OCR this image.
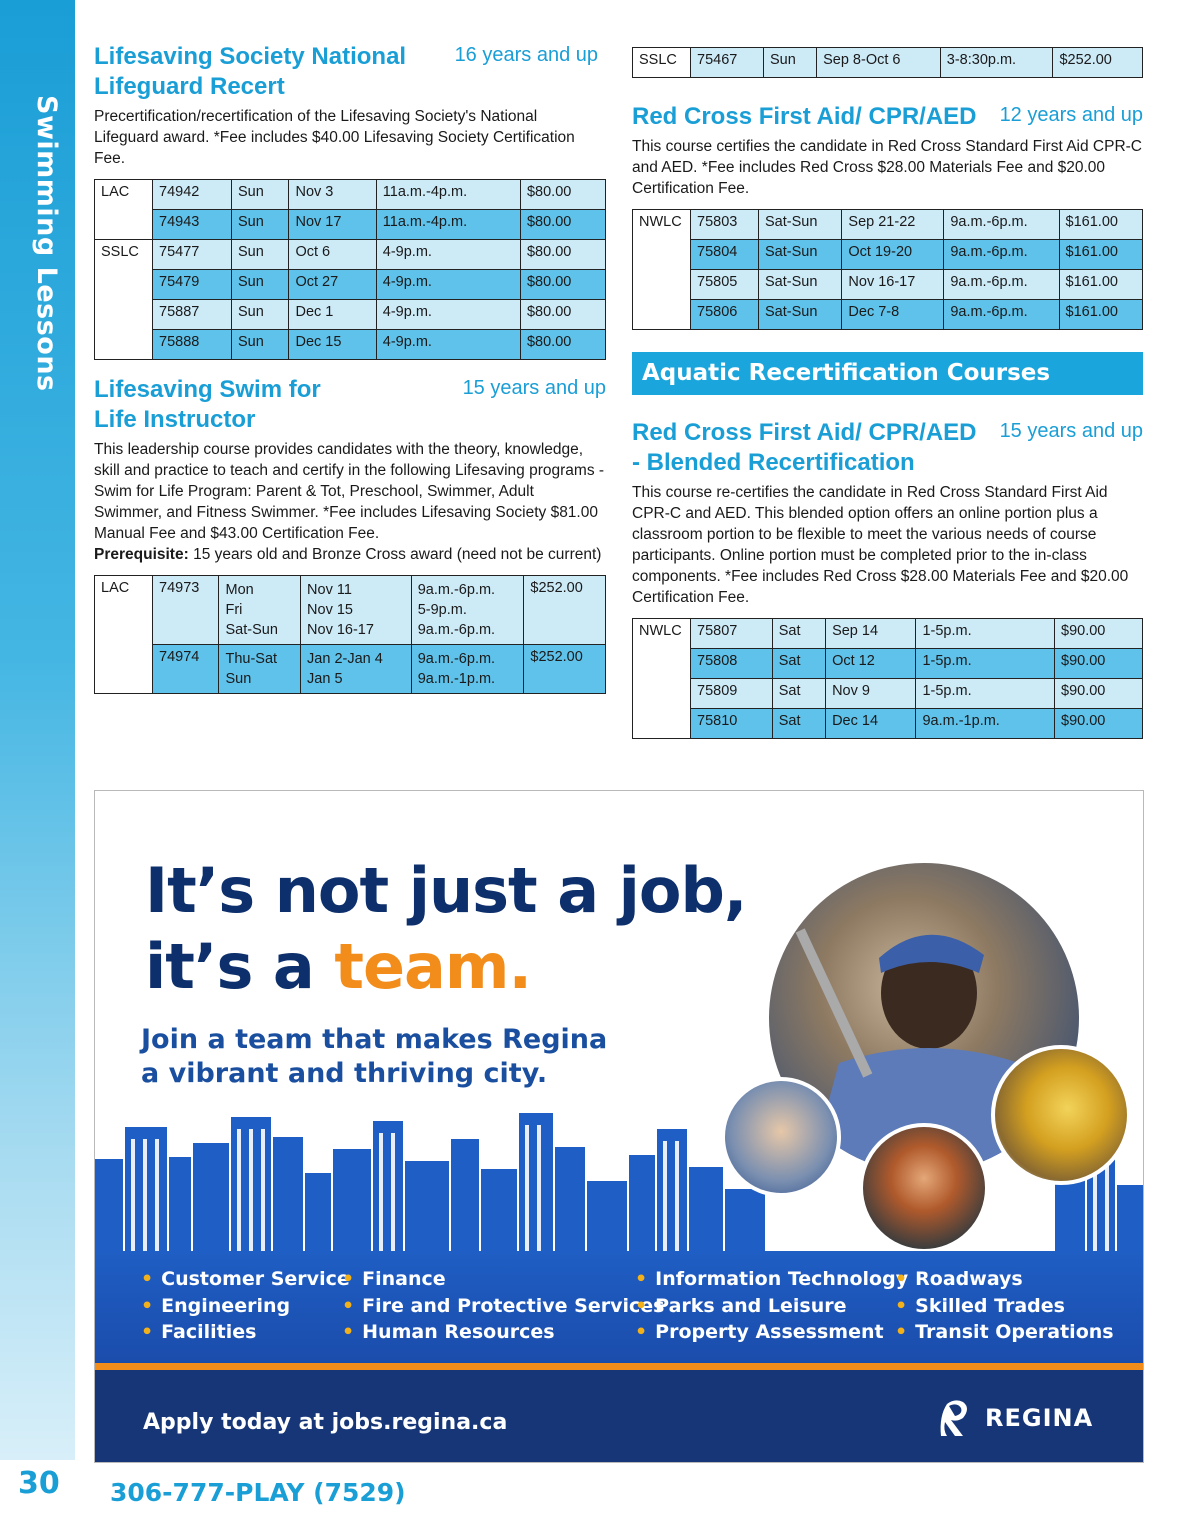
Swimming Lessons
30 306-777-PLAY (7529)
Lifesaving Society National Lifeguard Recert
16 years and up
Precertification/recertification of the Lifesaving Society's National Lifeguard award. *Fee includes $40.00 Lifesaving Society Certification Fee.
LAC	74942	Sun	Nov 3	11a.m.-4p.m.	$80.00
	74943	Sun	Nov 17	11a.m.-4p.m.	$80.00
SSLC	75477	Sun	Oct 6	4-9p.m.	$80.00
	75479	Sun	Oct 27	4-9p.m.	$80.00
	75887	Sun	Dec 1	4-9p.m.	$80.00
	75888	Sun	Dec 15	4-9p.m.	$80.00
Lifesaving Swim for Life Instructor
15 years and up
This leadership course provides candidates with the theory, knowledge, skill and practice to teach and certify in the following Lifesaving programs - Swim for Life Program: Parent & Tot, Preschool, Swimmer, Adult Swimmer, and Fitness Swimmer. *Fee includes Lifesaving Society $81.00 Manual Fee and $43.00 Certification Fee.
Prerequisite: 15 years old and Bronze Cross award (need not be current)
LAC	74973	Mon
Fri
Sat-Sun	Nov 11
Nov 15
Nov 16-17	9a.m.-6p.m.
5-9p.m.
9a.m.-6p.m.	$252.00
	74974	Thu-Sat
Sun	Jan 2-Jan 4
Jan 5	9a.m.-6p.m.
9a.m.-1p.m.	$252.00
SSLC	75467	Sun	Sep 8-Oct 6	3-8:30p.m.	$252.00
Red Cross First Aid/ CPR/AED 12 years and up
This course certifies the candidate in Red Cross Standard First Aid CPR-C and AED. *Fee includes Red Cross $28.00 Materials Fee and $20.00 Certification Fee.
NWLC	75803	Sat-Sun	Sep 21-22	9a.m.-6p.m.	$161.00
	75804	Sat-Sun	Oct 19-20	9a.m.-6p.m.	$161.00
	75805	Sat-Sun	Nov 16-17	9a.m.-6p.m.	$161.00
	75806	Sat-Sun	Dec 7-8	9a.m.-6p.m.	$161.00
Aquatic Recertification Courses
Red Cross First Aid/ CPR/AED 15 years and up
- Blended Recertification
This course re-certifies the candidate in Red Cross Standard First Aid CPR-C and AED. This blended option offers an online portion plus a classroom portion to be flexible to meet the various needs of course participants. Online portion must be completed prior to the in-class components. *Fee includes Red Cross $28.00 Materials Fee and $20.00 Certification Fee.
NWLC	75807	Sat	Sep 14	1-5p.m.	$90.00
	75808	Sat	Oct 12	1-5p.m.	$90.00
	75809	Sat	Nov 9	1-5p.m.	$90.00
	75810	Sat	Dec 14	9a.m.-1p.m.	$90.00
It’s not just a job,
it’s a team.
Join a team that makes Regina
a vibrant and thriving city.
• Customer Service
• Engineering
• Facilities
• Finance
• Fire and Protective Services
• Human Resources
• Information Technology
• Parks and Leisure
• Property Assessment
• Roadways
• Skilled Trades
• Transit Operations
Apply today at jobs.regina.ca	REGINA
